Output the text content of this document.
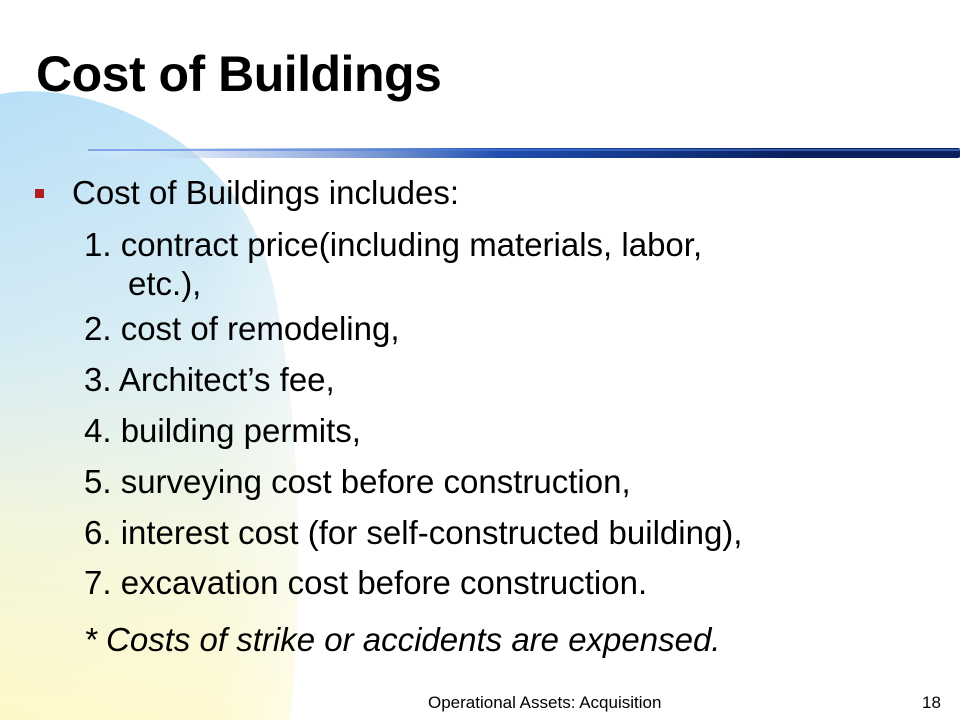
Cost of Buildings
Cost of Buildings includes:
1. contract price(including materials, labor,
etc.),
2. cost of remodeling,
3. Architect’s fee,
4. building permits,
5. surveying cost before construction,
6. interest cost (for self-constructed building),
7. excavation cost before construction.
* Costs of strike or accidents are expensed.
Operational Assets: Acquisition	18
